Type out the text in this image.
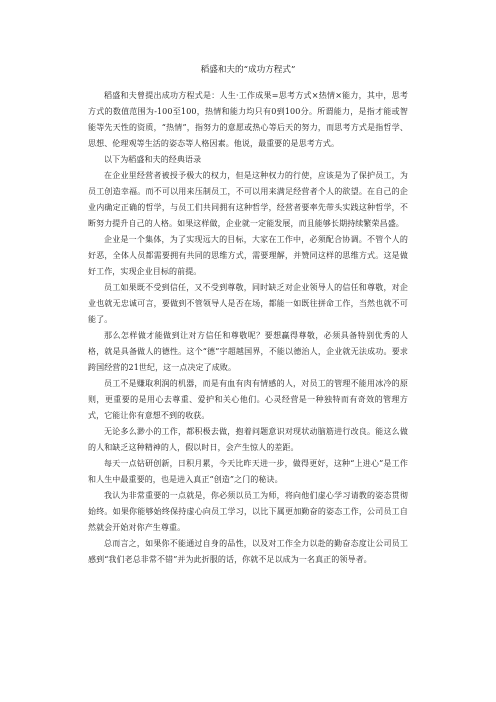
稻盛和夫的“成功方程式”

稻盛和夫曾提出成功方程式是：人生·工作成果=思考方式×热情×能力，其中，思考方式的数值范围为-100至100，热情和能力均只有0到100分。所谓能力，是指才能或智能等先天性的资质，“热情”，指努力的意愿或热心等后天的努力，而思考方式是指哲学、思想、伦理观等生活的姿态等人格因素。他说，最重要的是思考方式。

以下为稻盛和夫的经典语录

在企业里经营者被授予极大的权力，但是这种权力的行使，应该是为了保护员工，为员工创造幸福。而不可以用来压制员工，不可以用来满足经营者个人的欲望。在自己的企业内确定正确的哲学，与员工们共同拥有这种哲学，经营者要率先带头实践这种哲学，不断努力提升自己的人格。如果这样做，企业就一定能发展，而且能够长期持续繁荣昌盛。

企业是一个集体，为了实现远大的目标，大家在工作中，必须配合协调。不管个人的好恶，全体人员都需要拥有共同的思维方式，需要理解，并赞同这样的思维方式。这是做好工作，实现企业目标的前提。

员工如果既不受到信任，又不受到尊敬，同时缺乏对企业领导人的信任和尊敬，对企业也就无忠诚可言，要做到不管领导人是否在场，都能一如既往拼命工作，当然也就不可能了。

那么怎样做才能做到让对方信任和尊敬呢？要想赢得尊敬，必须具备特别优秀的人格，就是具备做人的德性。这个“德”字超越国界，不能以德治人，企业就无法成功。要求跨国经营的21世纪，这一点决定了成败。

员工不是赚取利润的机器，而是有血有肉有情感的人，对员工的管理不能用冰冷的原则，更重要的是用心去尊重、爱护和关心他们。心灵经营是一种独特而有奇效的管理方式，它能让你有意想不到的收获。

无论多么渺小的工作，都积极去做，抱着问题意识对现状动脑筋进行改良。能这么做的人和缺乏这种精神的人，假以时日，会产生惊人的差距。

每天一点钻研创新，日积月累，今天比昨天进一步，做得更好，这种“上进心”是工作和人生中最重要的，也是进入真正“创造”之门的秘诀。

我认为非常重要的一点就是，你必须以员工为师，将向他们虚心学习请教的姿态贯彻始终。如果你能够始终保持虚心向员工学习，以比下属更加勤奋的姿态工作，公司员工自然就会开始对你产生尊重。

总而言之，如果你不能通过自身的品性，以及对工作全力以赴的勤奋态度让公司员工感到“我们老总非常不错”并为此折服的话，你就不足以成为一名真正的领导者。
